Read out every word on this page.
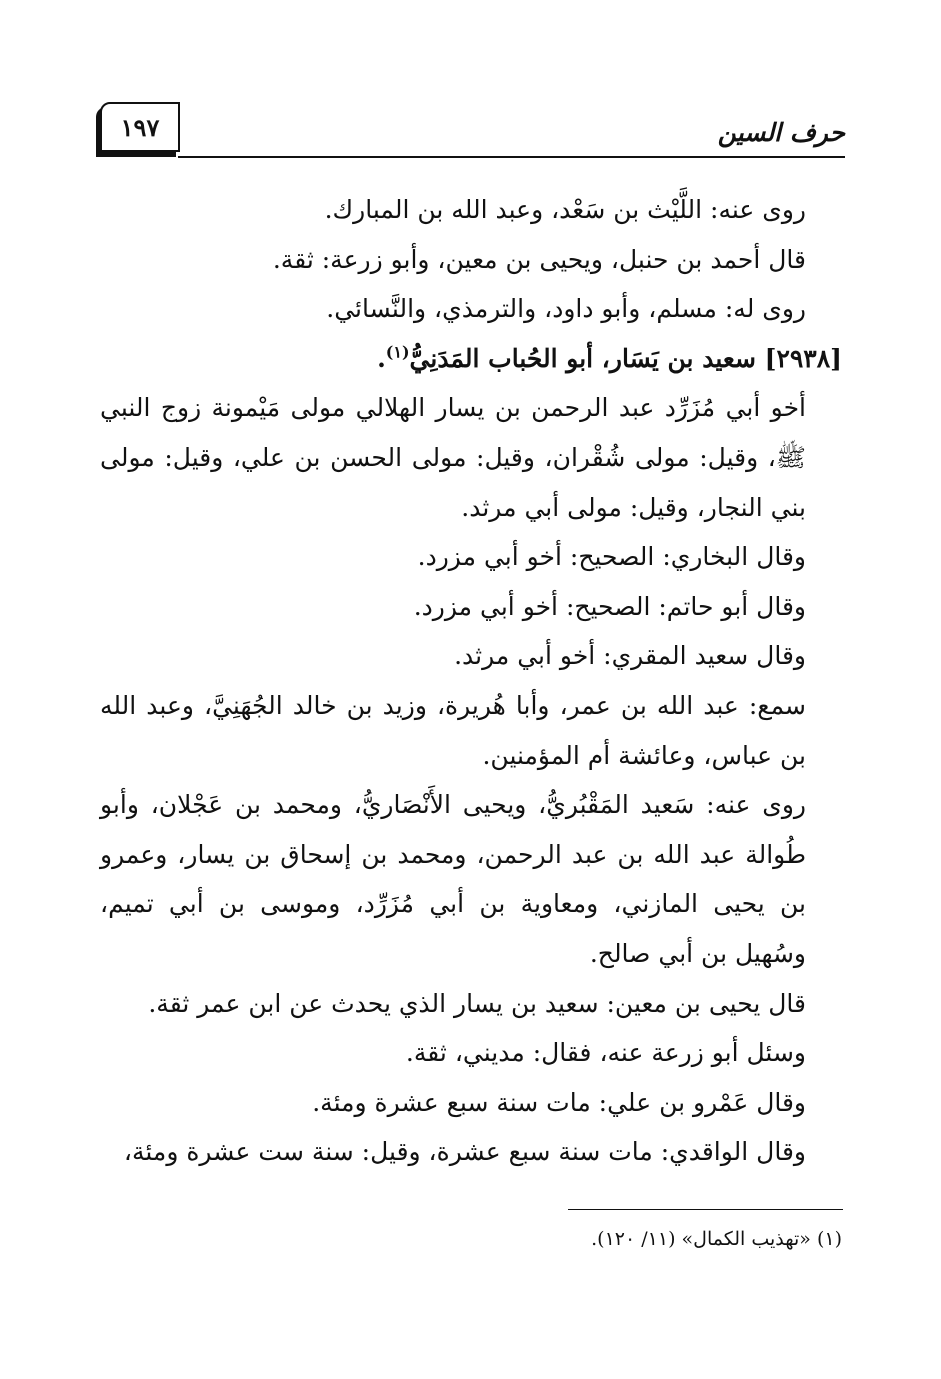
١٩٧	حرف السين

روى عنه: اللَّيْث بن سَعْد، وعبد الله بن المبارك.

قال أحمد بن حنبل، ويحيى بن معين، وأبو زرعة: ثقة.

روى له: مسلم، وأبو داود، والترمذي، والنَّسائي.

[٢٩٣٨] سعيد بن يَسَار، أبو الحُباب المَدَنِيُّ$^{(١)}$.

أخو أبي مُزَرِّد عبد الرحمن بن يسار الهلالي مولى مَيْمونة زوج النبي ﷺ، وقيل: مولى شُقْران، وقيل: مولى الحسن بن علي، وقيل: مولى بني النجار، وقيل: مولى أبي مرثد.

وقال البخاري: الصحيح: أخو أبي مزرد.

وقال أبو حاتم: الصحيح: أخو أبي مزرد.

وقال سعيد المقري: أخو أبي مرثد.

سمع: عبد الله بن عمر، وأبا هُريرة، وزيد بن خالد الجُهَنِيَّ، وعبد الله بن عباس، وعائشة أم المؤمنين.

روى عنه: سَعيد المَقْبُريُّ، ويحيى الأَنْصَاريُّ، ومحمد بن عَجْلان، وأبو طُوالة عبد الله بن عبد الرحمن، ومحمد بن إسحاق بن يسار، وعمرو بن يحيى المازني، ومعاوية بن أبي مُزَرِّد، وموسى بن أبي تميم، وسُهيل بن أبي صالح.

قال يحيى بن معين: سعيد بن يسار الذي يحدث عن ابن عمر ثقة.

وسئل أبو زرعة عنه، فقال: مديني، ثقة.

وقال عَمْرو بن علي: مات سنة سبع عشرة ومئة.

وقال الواقدي: مات سنة سبع عشرة، وقيل: سنة ست عشرة ومئة،

(١) «تهذيب الكمال» (١١/ ١٢٠).
